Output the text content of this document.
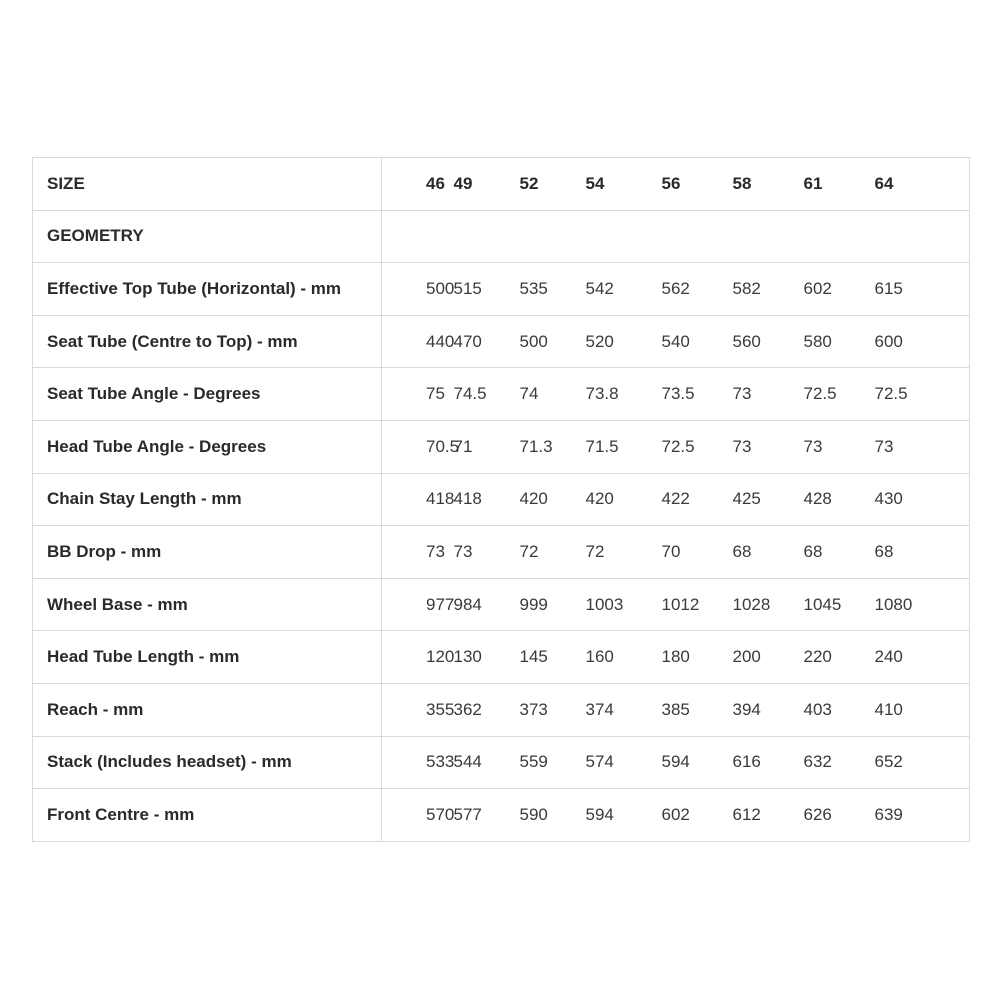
SIZE	46	49	52	54	56	58	61	64
GEOMETRY								
Effective Top Tube (Horizontal) - mm	500	515	535	542	562	582	602	615
Seat Tube (Centre to Top) - mm	440	470	500	520	540	560	580	600
Seat Tube Angle - Degrees	75	74.5	74	73.8	73.5	73	72.5	72.5
Head Tube Angle - Degrees	70.5	71	71.3	71.5	72.5	73	73	73
Chain Stay Length - mm	418	418	420	420	422	425	428	430
BB Drop - mm	73	73	72	72	70	68	68	68
Wheel Base - mm	977	984	999	1003	1012	1028	1045	1080
Head Tube Length - mm	120	130	145	160	180	200	220	240
Reach - mm	355	362	373	374	385	394	403	410
Stack (Includes headset) - mm	533	544	559	574	594	616	632	652
Front Centre - mm	570	577	590	594	602	612	626	639
